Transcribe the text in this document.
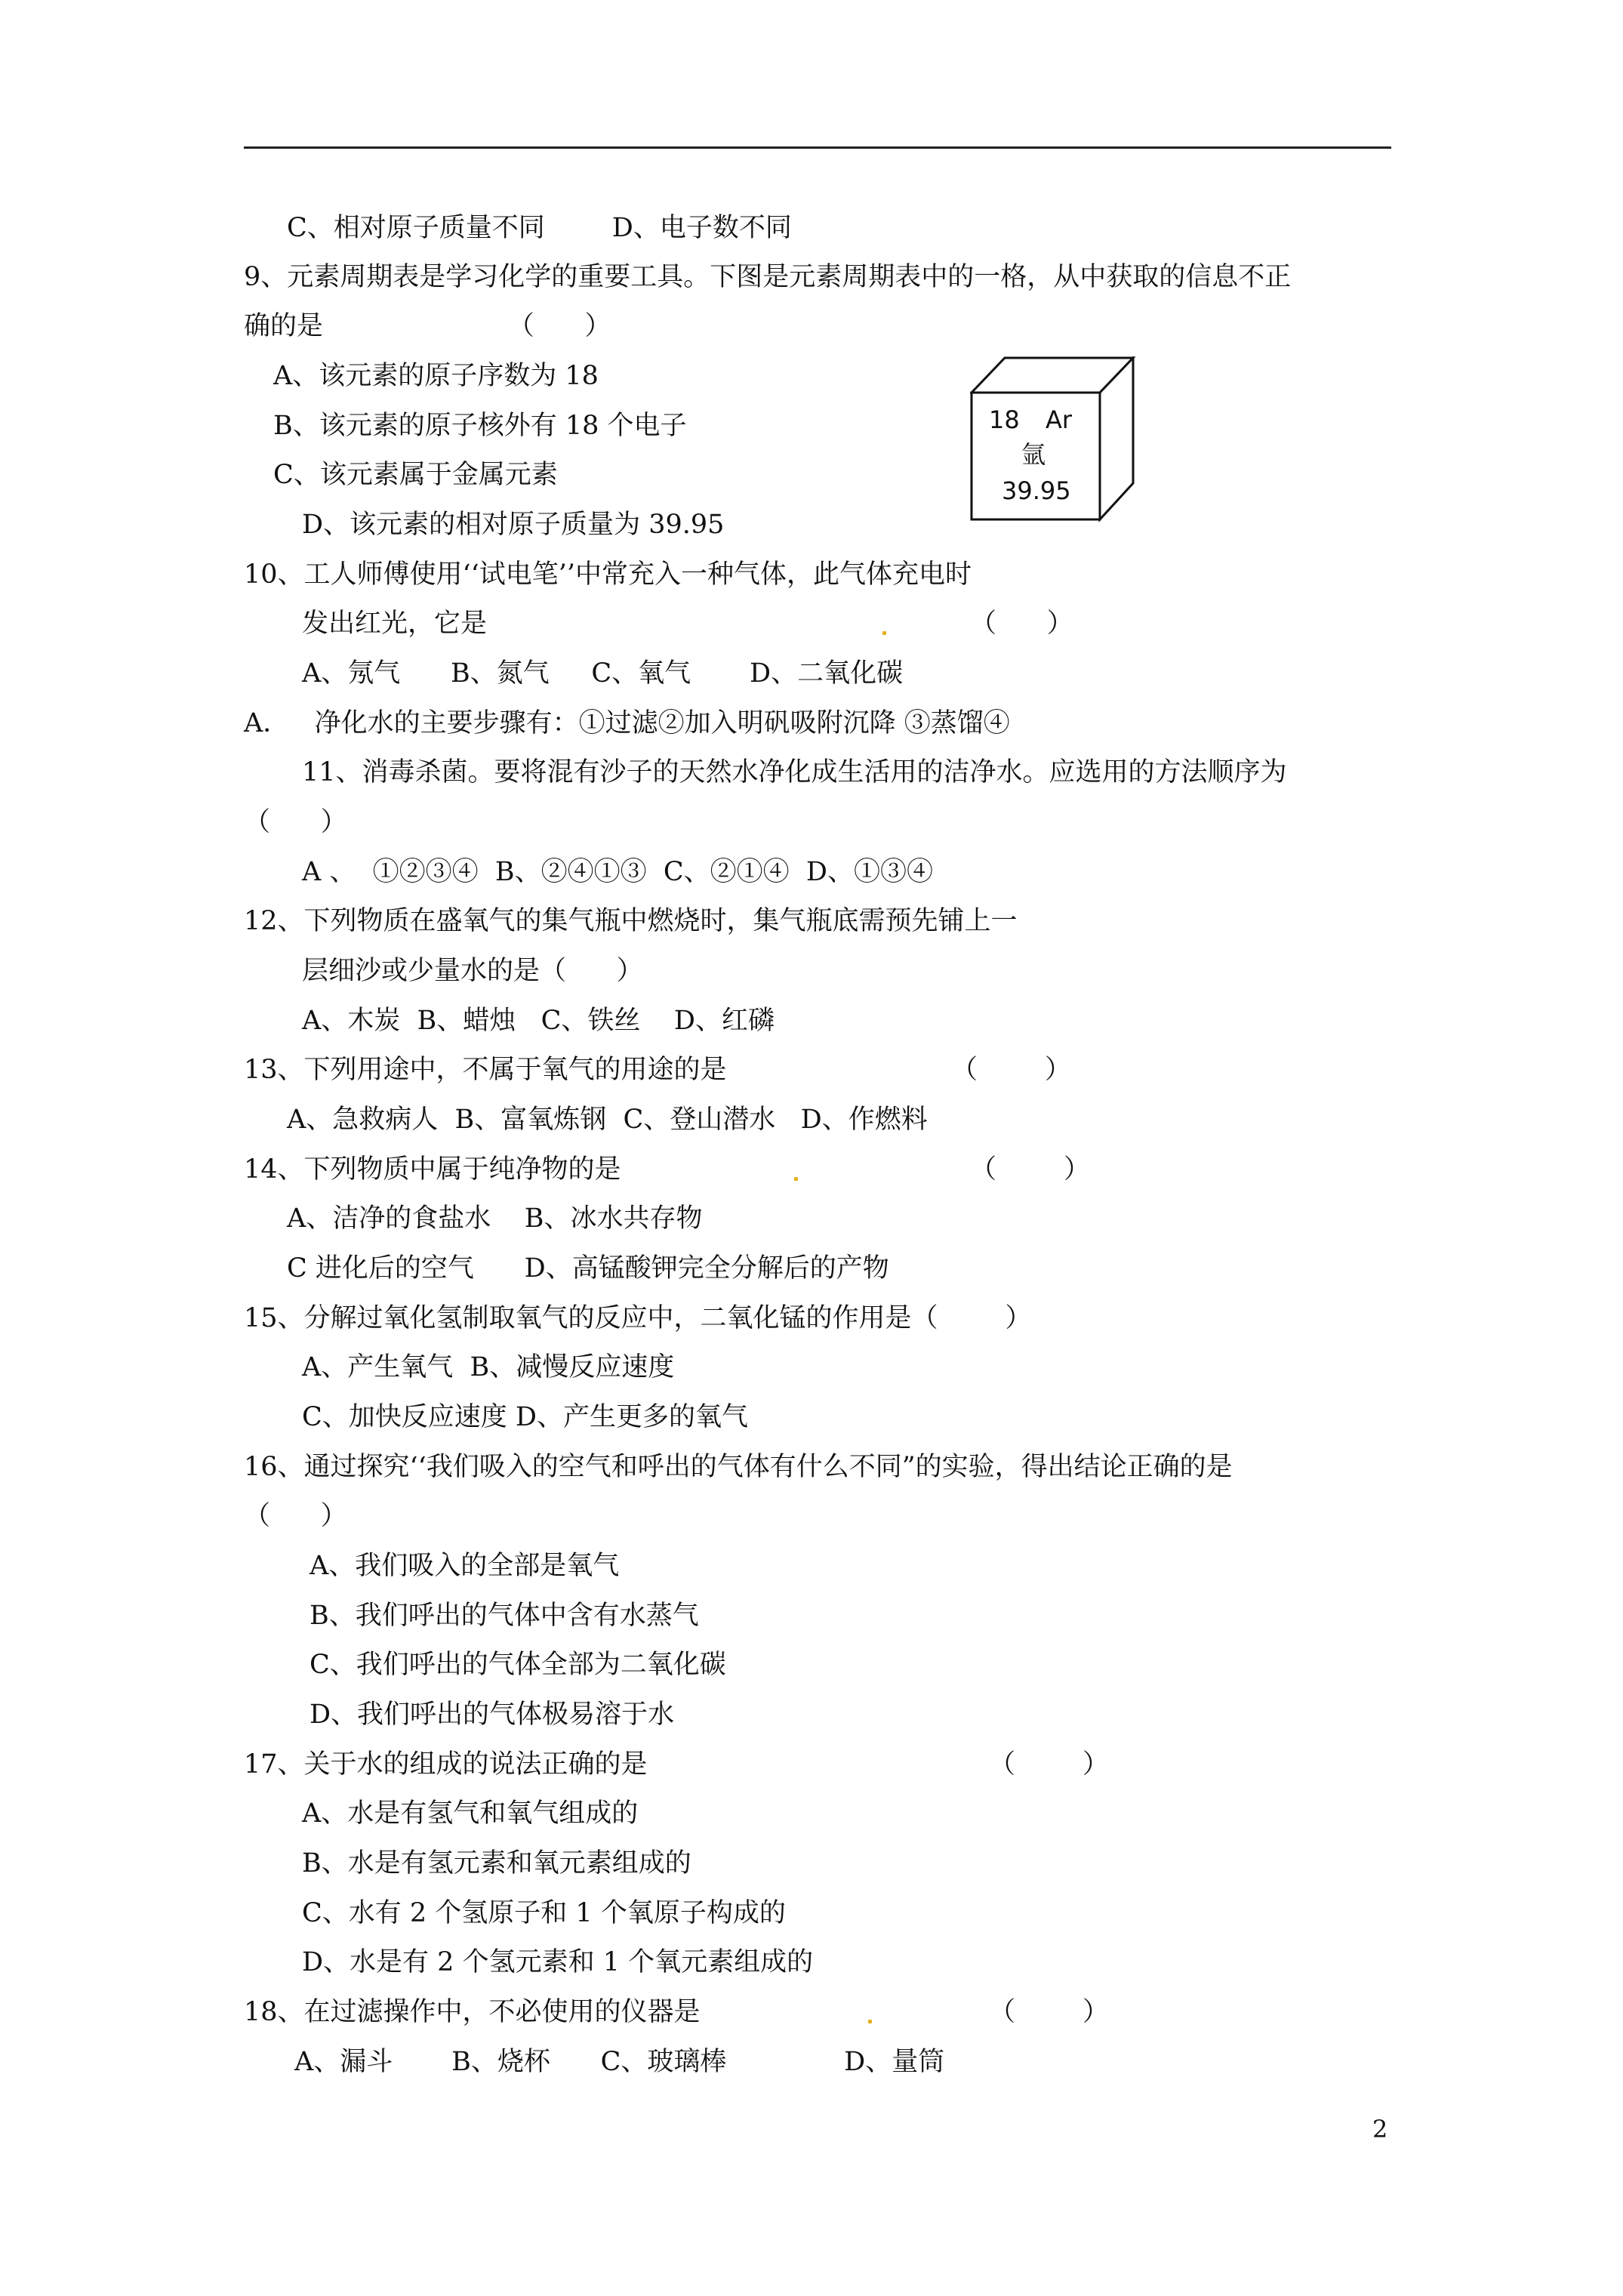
C、相对原子质量不同        D、电子数不同
9、元素周期表是学习化学的重要工具。下图是元素周期表中的一格，从中获取的信息不正
确的是                      （      ）
A、该元素的原子序数为 18
B、该元素的原子核外有 18 个电子
C、该元素属于金属元素
D、该元素的相对原子质量为 39.95
18 Ar
氩
39.95
10、工人师傅使用‘‘试电笔’’中常充入一种气体，此气体充电时
发出红光，它是	（      ）
A、氖气      B、氮气     C、氧气       D、二氧化碳
A．   净化水的主要步骤有：①过滤②加入明矾吸附沉降 ③蒸馏④
11、消毒杀菌。要将混有沙子的天然水净化成生活用的洁净水。应选用的方法顺序为
（      ）
A 、  ①②③④  B、②④①③  C、②①④  D、①③④
12、下列物质在盛氧气的集气瓶中燃烧时，集气瓶底需预先铺上一
层细沙或少量水的是（      ）
A、木炭  B、蜡烛   C、铁丝    D、红磷
13、下列用途中，不属于氧气的用途的是	（        ）
A、急救病人  B、富氧炼钢  C、登山潜水   D、作燃料
14、下列物质中属于纯净物的是	（        ）
A、洁净的食盐水    B、冰水共存物
C 进化后的空气      D、高锰酸钾完全分解后的产物
15、分解过氧化氢制取氧气的反应中，二氧化锰的作用是（        ）
A、产生氧气  B、减慢反应速度
C、加快反应速度 D、产生更多的氧气
16、通过探究‘‘我们吸入的空气和呼出的气体有什么不同”的实验，得出结论正确的是
（      ）
A、我们吸入的全部是氧气
B、我们呼出的气体中含有水蒸气
C、我们呼出的气体全部为二氧化碳
D、我们呼出的气体极易溶于水
17、关于水的组成的说法正确的是	（        ）
A、水是有氢气和氧气组成的
B、水是有氢元素和氧元素组成的
C、水有 2 个氢原子和 1 个氧原子构成的
D、水是有 2 个氢元素和 1 个氧元素组成的
18、在过滤操作中，不必使用的仪器是	（        ）
A、漏斗       B、烧杯      C、玻璃棒              D、量筒
2
